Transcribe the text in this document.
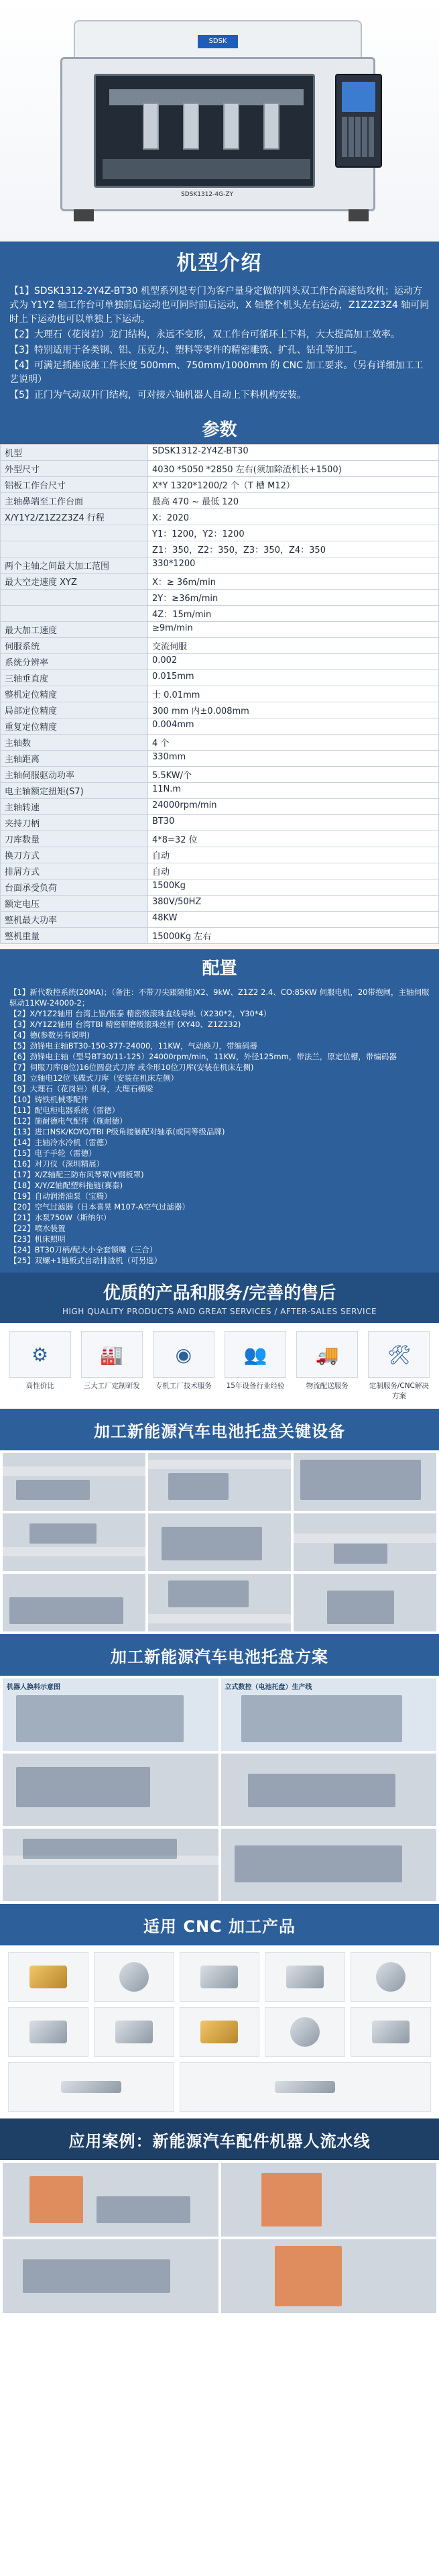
SDSK
SDSK1312-4G-ZY
机型介绍
【1】SDSK1312-2Y4Z-BT30 机型系列是专门为客户量身定做的四头双工作台高速钻攻机；运动方式为 Y1Y2 轴工作台可单独前后运动也可同时前后运动，X 轴整个机头左右运动，Z1Z2Z3Z4 轴可同时上下运动也可以单独上下运动。
【2】大理石（花岗岩）龙门结构，永远不变形，双工作台可循环上下料，大大提高加工效率。
【3】特别适用于各类钢、铝、压克力、塑料等零件的精密雕铣、扩孔、钻孔等加工。
【4】可满足插座底座工件长度 500mm、750mm/1000mm 的 CNC 加工要求。（另有详细加工工艺说明）
【5】正门为气动双开门结构，可对接六轴机器人自动上下料机构安装。
参数
机型	SDSK1312-2Y4Z-BT30
外型尺寸	4030 *5050 *2850 左右(须加除渣机长+1500)
铝板工作台尺寸	X*Y 1320*1200/2 个（T 槽 M12）
主轴鼻端至工作台面	最高 470 ~ 最低 120
X/Y1Y2/Z1Z2Z3Z4 行程	X：2020
	Y1：1200，Y2：1200
	Z1：350，Z2：350，Z3：350，Z4：350
两个主轴之间最大加工范围	330*1200
最大空走速度 XYZ	X：≥ 36m/min
	2Y：≥36m/min
	4Z：15m/min
最大加工速度	≥9m/min
伺服系统	交流伺服
系统分辨率	0.002
三轴垂直度	0.015mm
整机定位精度	士 0.01mm
局部定位精度	300 mm 内±0.008mm
重复定位精度	0.004mm
主轴数	4 个
主轴距离	330mm
主轴伺服驱动功率	5.5KW/个
电主轴额定扭矩(S7)	11N.m
主轴转速	24000rpm/min
夹持刀柄	BT30
刀库数量	4*8=32 位
换刀方式	自动
排屑方式	自动
台面承受负荷	1500Kg
额定电压	380V/50HZ
整机最大功率	48KW
整机重量	15000Kg 左右
配置
【1】新代数控系统(20MA)；（备注：不带刀尖跟随能)X2、9kW、Z1Z2 2.4、CO:85KW 伺服电机，20带抱闸，主轴伺服驱动11KW-24000-2；
【2】X/Y1Z2轴用 台湾上银/银泰 精密级滚珠直线导轨（X230*2，Y30*4）
【3】X/Y1Z2轴用 台湾TBI 精密研磨级滚珠丝杆 (XY40、Z1Z232)
【4】德(参数另有说明)
【5】劲锋电主轴BT30-150-377-24000，11KW，气动换刀，带编码器
【6】劲锋电主轴（型号BT30/11-125）24000rpm/min，11KW，外径125mm，带法兰，原定位槽，带编码器
【7】伺服刀库(8位)16位圆盘式刀库 或伞形10位刀库(安装在机床左侧)
【8】立轴电12位飞碟式刀库（安装在机床左侧）
【9】大理石（花岗岩）机身，大理石横梁
【10】铸铁机械零配件
【11】配电柜电器系统（雷德）
【12】施耐德电气配件（施耐德）
【13】进口NSK/KOYO/TBI P级角接触配对轴承(或同等级品牌)
【14】主轴冷水冷机（雷德）
【15】电子手轮（雷德）
【16】对刀仪（深圳精展）
【17】X/Z轴配三防布风琴罩(V钢板罩)
【18】X/Y/Z轴配塑料拖链(赛泰)
【19】自动润滑油泵（宝腾）
【20】空气过滤器（日本喜晃 M107-A空气过滤器）
【21】水泵750W（斯纳尔）
【22】喷水装置
【23】机床照明
【24】BT30刀柄/配大小全套锁嘴（三合）
【25】双螺+1链板式自动排渣机（可另选）
优质的产品和服务/完善的售后
HIGH QUALITY PRODUCTS AND GREAT SERVICES / AFTER-SALES SERVICE
⚙
高性价比
🏭
三大工厂定制研发
◉
专机工厂技术服务
👥
15年设备行业经验
🚚
物流配送服务
🛠
定制服务/CNC解决方案
加工新能源汽车电池托盘关键设备
加工新能源汽车电池托盘方案
机器人换料示意图	立式数控（电池托盘）生产线
适用 CNC 加工产品
应用案例：新能源汽车配件机器人流水线
